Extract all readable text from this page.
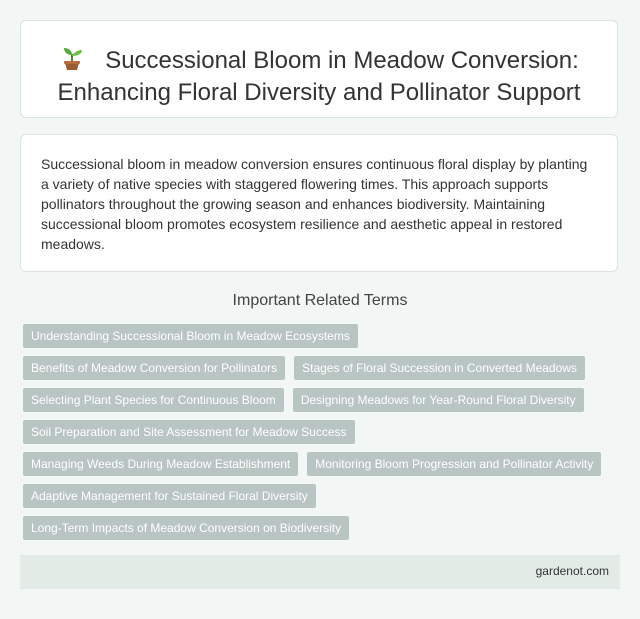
Successional Bloom in Meadow Conversion: Enhancing Floral Diversity and Pollinator Support

Successional bloom in meadow conversion ensures continuous floral display by planting a variety of native species with staggered flowering times. This approach supports pollinators throughout the growing season and enhances biodiversity. Maintaining successional bloom promotes ecosystem resilience and aesthetic appeal in restored meadows.

Important Related Terms
Understanding Successional Bloom in Meadow Ecosystems
Benefits of Meadow Conversion for Pollinators Stages of Floral Succession in Converted Meadows
Selecting Plant Species for Continuous Bloom Designing Meadows for Year-Round Floral Diversity
Soil Preparation and Site Assessment for Meadow Success
Managing Weeds During Meadow Establishment Monitoring Bloom Progression and Pollinator Activity
Adaptive Management for Sustained Floral Diversity
Long-Term Impacts of Meadow Conversion on Biodiversity
gardenot.com
